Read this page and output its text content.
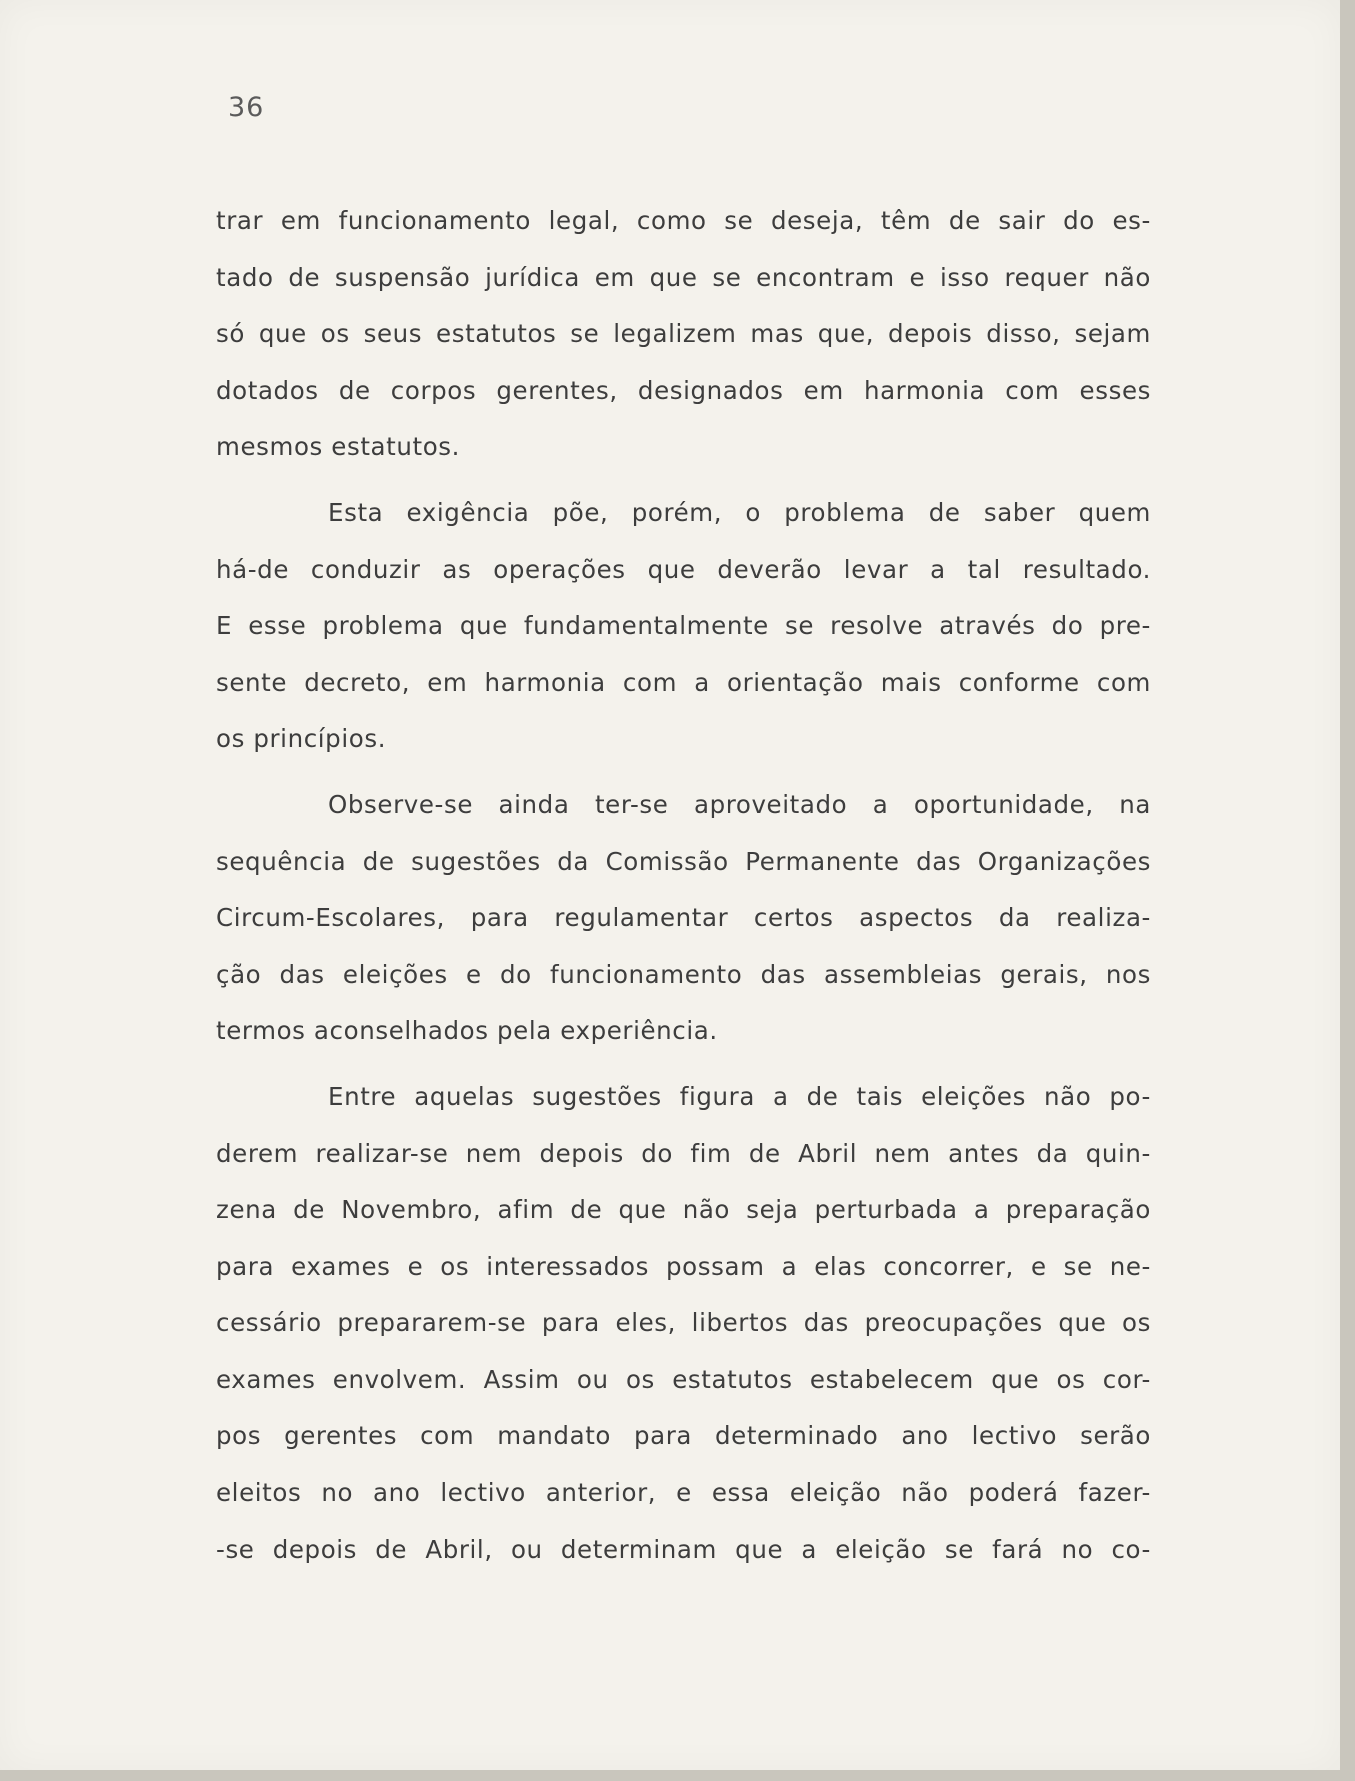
36
trar em funcionamento legal, como se deseja, têm de sair do es-
tado de suspensão jurídica em que se encontram e isso requer não
só que os seus estatutos se legalizem mas que, depois disso, sejam
dotados de corpos gerentes, designados em harmonia com esses
mesmos estatutos.
Esta exigência põe, porém, o problema de saber quem
há-de conduzir as operações que deverão levar a tal resultado.
E esse problema que fundamentalmente se resolve através do pre-
sente decreto, em harmonia com a orientação mais conforme com
os princípios.
Observe-se ainda ter-se aproveitado a oportunidade, na
sequência de sugestões da Comissão Permanente das Organizações
Circum-Escolares, para regulamentar certos aspectos da realiza-
ção das eleições e do funcionamento das assembleias gerais, nos
termos aconselhados pela experiência.
Entre aquelas sugestões figura a de tais eleições não po-
derem realizar-se nem depois do fim de Abril nem antes da quin-
zena de Novembro, afim de que não seja perturbada a preparação
para exames e os interessados possam a elas concorrer, e se ne-
cessário prepararem-se para eles, libertos das preocupações que os
exames envolvem. Assim ou os estatutos estabelecem que os cor-
pos gerentes com mandato para determinado ano lectivo serão
eleitos no ano lectivo anterior, e essa eleição não poderá fazer-
-se depois de Abril, ou determinam que a eleição se fará no co-
